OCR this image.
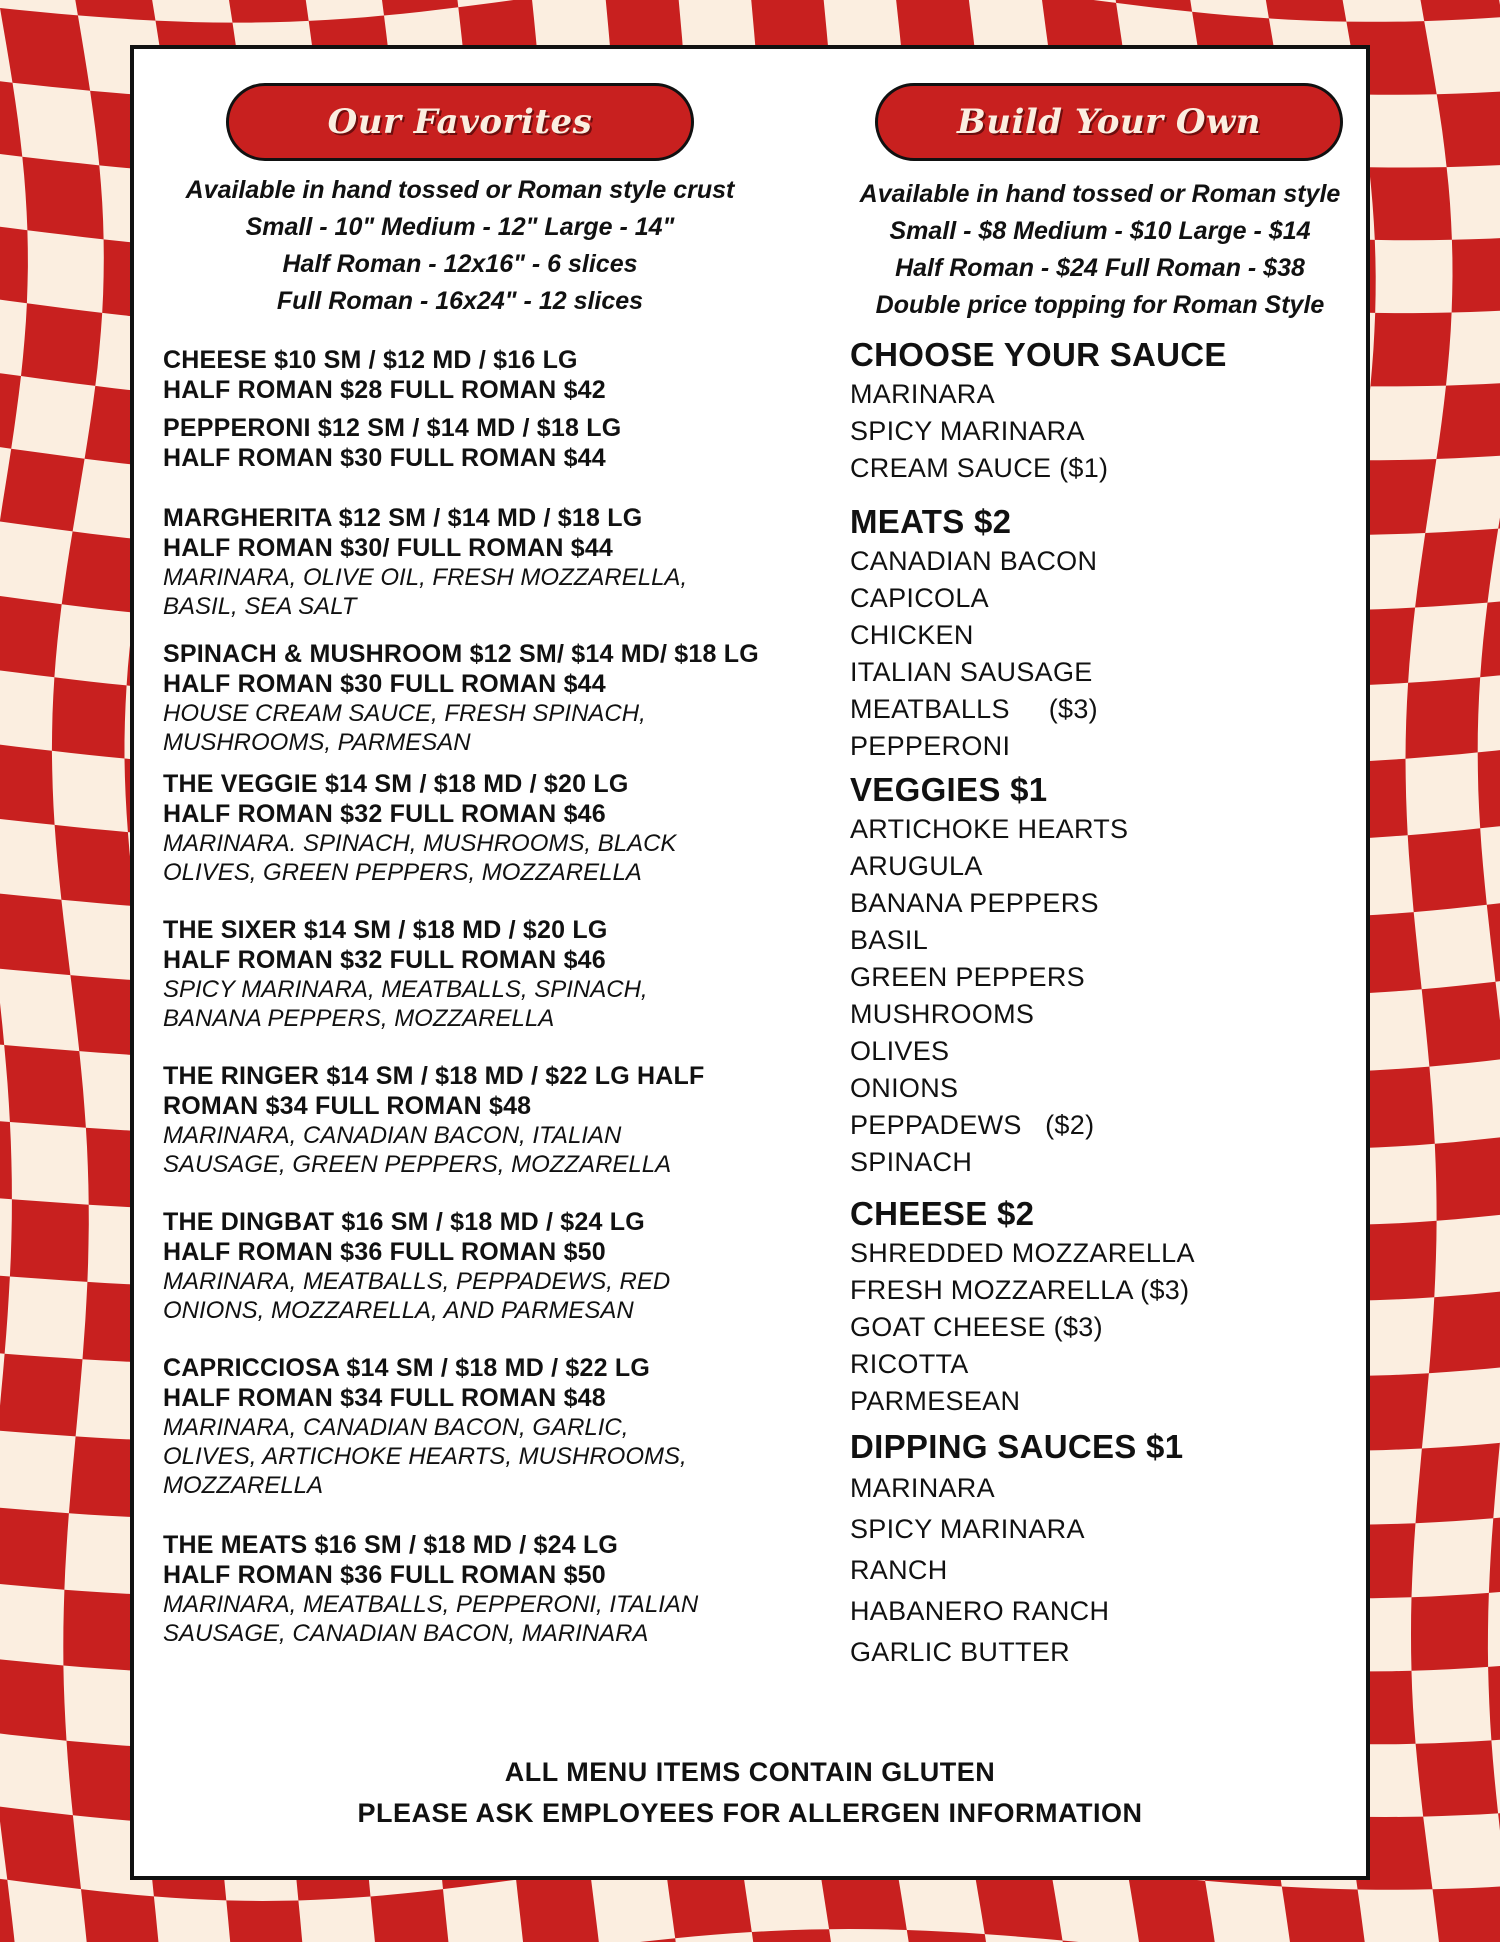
Our Favorites	Build Your Own
Available in hand tossed or Roman style crust
Small - 10" Medium - 12" Large - 14"
Half Roman - 12x16" - 6 slices
Full Roman - 16x24" - 12 slices
Available in hand tossed or Roman style
Small - $8 Medium - $10 Large - $14
Half Roman - $24 Full Roman - $38
Double price topping for Roman Style
CHEESE $10 SM / $12 MD / $16 LG
HALF ROMAN $28 FULL ROMAN $42
PEPPERONI $12 SM / $14 MD / $18 LG
HALF ROMAN $30 FULL ROMAN $44
MARGHERITA $12 SM / $14 MD / $18 LG
HALF ROMAN $30/ FULL ROMAN $44
MARINARA, OLIVE OIL, FRESH MOZZARELLA,
BASIL, SEA SALT
SPINACH & MUSHROOM $12 SM/ $14 MD/ $18 LG
HALF ROMAN $30 FULL ROMAN $44
HOUSE CREAM SAUCE, FRESH SPINACH,
MUSHROOMS, PARMESAN
THE VEGGIE $14 SM / $18 MD / $20 LG
HALF ROMAN $32 FULL ROMAN $46
MARINARA. SPINACH, MUSHROOMS, BLACK
OLIVES, GREEN PEPPERS, MOZZARELLA
THE SIXER $14 SM / $18 MD / $20 LG
HALF ROMAN $32 FULL ROMAN $46
SPICY MARINARA, MEATBALLS, SPINACH,
BANANA PEPPERS, MOZZARELLA
THE RINGER $14 SM / $18 MD / $22 LG HALF
ROMAN $34 FULL ROMAN $48
MARINARA, CANADIAN BACON, ITALIAN
SAUSAGE, GREEN PEPPERS, MOZZARELLA
THE DINGBAT $16 SM / $18 MD / $24 LG
HALF ROMAN $36 FULL ROMAN $50
MARINARA, MEATBALLS, PEPPADEWS, RED
ONIONS, MOZZARELLA, AND PARMESAN
CAPRICCIOSA $14 SM / $18 MD / $22 LG
HALF ROMAN $34 FULL ROMAN $48
MARINARA, CANADIAN BACON, GARLIC,
OLIVES, ARTICHOKE HEARTS, MUSHROOMS,
MOZZARELLA
THE MEATS $16 SM / $18 MD / $24 LG
HALF ROMAN $36 FULL ROMAN $50
MARINARA, MEATBALLS, PEPPERONI, ITALIAN
SAUSAGE, CANADIAN BACON, MARINARA
CHOOSE YOUR SAUCE
MARINARA
SPICY MARINARA
CREAM SAUCE ($1)
MEATS $2
CANADIAN BACON
CAPICOLA
CHICKEN
ITALIAN SAUSAGE
MEATBALLS     ($3)
PEPPERONI
VEGGIES $1
ARTICHOKE HEARTS
ARUGULA
BANANA PEPPERS
BASIL
GREEN PEPPERS
MUSHROOMS
OLIVES
ONIONS
PEPPADEWS   ($2)
SPINACH
CHEESE $2
SHREDDED MOZZARELLA
FRESH MOZZARELLA ($3)
GOAT CHEESE ($3)
RICOTTA
PARMESEAN
DIPPING SAUCES $1
MARINARA
SPICY MARINARA
RANCH
HABANERO RANCH
GARLIC BUTTER
ALL MENU ITEMS CONTAIN GLUTEN
PLEASE ASK EMPLOYEES FOR ALLERGEN INFORMATION
